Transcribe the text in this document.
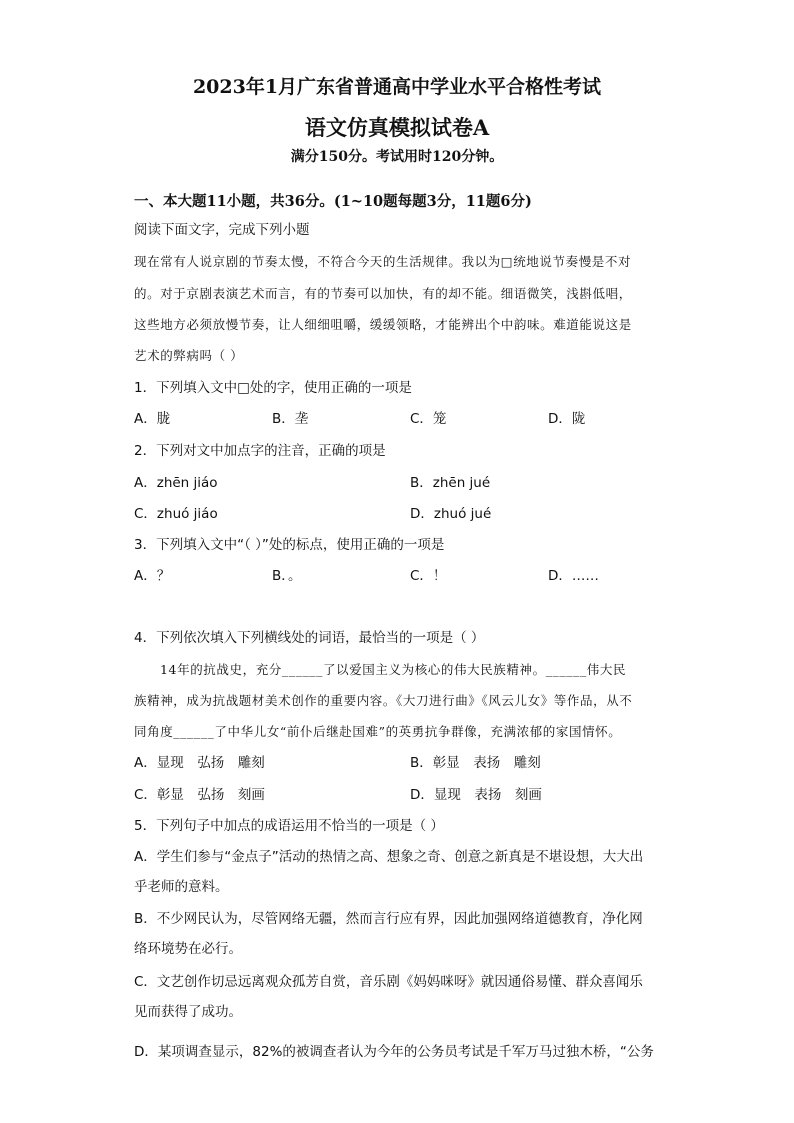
2023年1月广东省普通高中学业水平合格性考试
语文仿真模拟试卷A
满分150分。考试用时120分钟。
一、本大题11小题，共36分。(1~10题每题3分，11题6分)
阅读下面文字，完成下列小题
现在常有人说京剧的节奏太慢，不符合今天的生活规律。我以为□统地说节奏慢是不对
的。对于京剧表演艺术而言，有的节奏可以加快，有的却不能。细语微笑，浅斟低唱，
这些地方必须放慢节奏，让人细细咀嚼，缓缓领略，才能辨出个中韵味。难道能说这是
艺术的弊病吗（ ）
1．下列填入文中□处的字，使用正确的一项是
A．胧	B．垄	C．笼	D．陇
2．下列对文中加点字的注音，正确的项是
A．zhēn jiáo	B．zhēn jué
C．zhuó jiáo	D．zhuó jué
3．下列填入文中“（ ）”处的标点，使用正确的一项是
A．？	B．。	C．！	D．……
4．下列依次填入下列横线处的词语，最恰当的一项是（ ）
14年的抗战史，充分______了以爱国主义为核心的伟大民族精神。______伟大民
族精神，成为抗战题材美术创作的重要内容。《大刀进行曲》《风云儿女》等作品，从不
同角度______了中华儿女“前仆后继赴国难”的英勇抗争群像，充满浓郁的家国情怀。
A．显现　弘扬　雕刻	B．彰显　表扬　雕刻
C．彰显　弘扬　刻画	D．显现　表扬　刻画
5．下列句子中加点的成语运用不恰当的一项是（ ）
A．学生们参与“金点子”活动的热情之高、想象之奇、创意之新真是不堪设想，大大出
乎老师的意料。
B．不少网民认为，尽管网络无疆，然而言行应有界，因此加强网络道德教育，净化网
络环境势在必行。
C．文艺创作切忌远离观众孤芳自赏，音乐剧《妈妈咪呀》就因通俗易懂、群众喜闻乐
见而获得了成功。
D．某项调查显示，82%的被调查者认为今年的公务员考试是千军万马过独木桥，“公务
